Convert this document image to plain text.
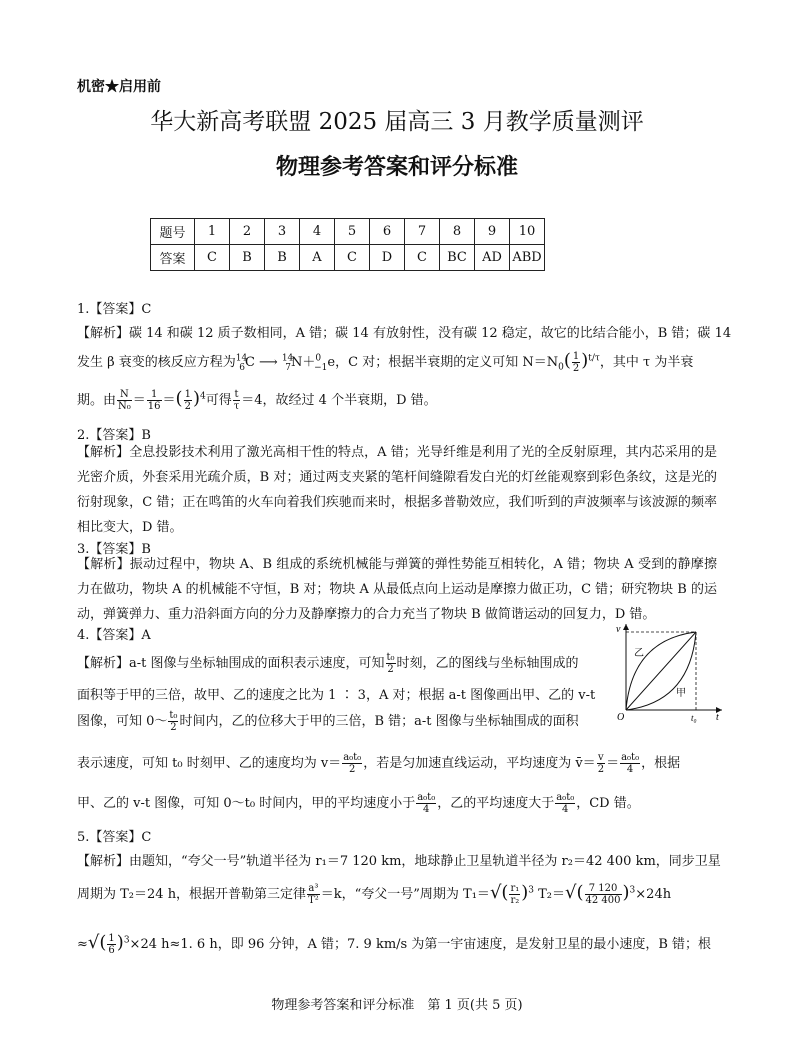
机密★启用前
华大新高考联盟 2025 届高三 3 月教学质量测评
物理参考答案和评分标准
题号	1	2	3	4	5	6	7	8	9	10
答案	C	B	B	A	C	D	C	BC	AD	ABD
1.【答案】C
【解析】碳 14 和碳 12 质子数相同，A 错；碳 14 有放射性，没有碳 12 稳定，故它的比结合能小，B 错；碳 14
发生 β 衰变的核反应方程为$^{14}_6$C ⟶ $^{14}_7$N＋$^0_{-1}$e，C 对；根据半衰期的定义可知 $N=N_0( \frac{1}{2} )^{t/\tau}$，其中 τ 为半衰
期。由 $\frac{N}{\text{N₀}} = \frac{1}{16}$ ＝( $\frac{1}{2} )^4$可得 $\frac{t}{\tau} =4$，故经过 4 个半衰期，D 错。
2.【答案】B
【解析】全息投影技术利用了激光高相干性的特点，A 错；光导纤维是利用了光的全反射原理，其内芯采用的是光密介质，外套采用光疏介质，B 对；通过两支夹紧的笔杆间缝隙看发白光的灯丝能观察到彩色条纹，这是光的衍射现象，C 错；正在鸣笛的火车向着我们疾驰而来时，根据多普勒效应，我们听到的声波频率与该波源的频率相比变大，D 错。
3.【答案】B
【解析】振动过程中，物块 A、B 组成的系统机械能与弹簧的弹性势能互相转化，A 错；物块 A 受到的静摩擦力在做功，物块 A 的机械能不守恒，B 对；物块 A 从最低点向上运动是摩擦力做正功，C 错；研究物块 B 的运动，弹簧弹力、重力沿斜面方向的分力及静摩擦力的合力充当了物块 B 做简谐运动的回复力，D 错。
4.【答案】A
【解析】a-t 图像与坐标轴围成的面积表示速度，可知 $\frac{\text{t₀}}{2}$ 时刻，乙的图线与坐标轴围成的
面积等于甲的三倍，故甲、乙的速度之比为 1 ∶ 3，A 对；根据 a-t 图像画出甲、乙的 v-t
图像，可知 0～ $\frac{\text{t₀}}{2}$ 时间内，乙的位移大于甲的三倍，B 错；a-t 图像与坐标轴围成的面积
表示速度，可知 t₀ 时刻甲、乙的速度均为 $v= \frac{\text{a₀t₀}}{2}$ ，若是匀加速直线运动，平均速度为 v̄＝ $\frac{v}{2} = \frac{\text{a₀t₀}}{4}$ ，根据
甲、乙的 v-t 图像，可知 0～t₀ 时间内，甲的平均速度小于 $\frac{\text{a₀t₀}}{4}$ ，乙的平均速度大于 $\frac{\text{a₀t₀}}{4}$ ，CD 错。
v
t
O	t₀
乙
甲
5.【答案】C
【解析】由题知，“夸父一号”轨道半径为 r₁＝7 120 km，地球静止卫星轨道半径为 r₂＝42 400 km，同步卫星
周期为 T₂＝24 h，根据开普勒第三定律 $\frac{\text{a³}}{\text{T²}} =k$，“夸父一号”周期为 $T_1=√( \frac{\text{r₁}}{\text{r₂}} )^3$ $T_2=√( \frac{7 120}{42 400} )^3\times 24h$
≈√( $\frac{1}{6} )^3\times 24$ h≈1. 6 h，即 96 分钟，A 错；7. 9 km/s 为第一宇宙速度，是发射卫星的最小速度，B 错；根
物理参考答案和评分标准　第 1 页(共 5 页)
